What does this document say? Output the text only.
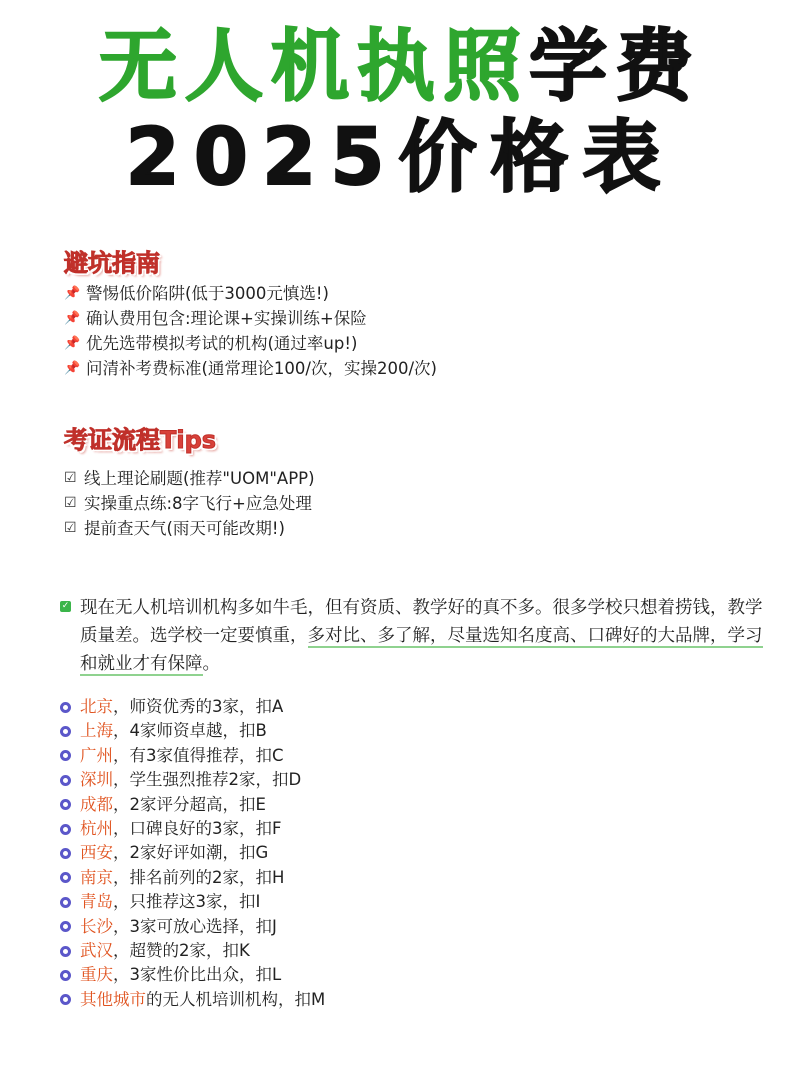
无人机执照学费
2025价格表
避坑指南
📌 警惕低价陷阱(低于3000元慎选!)
📌 确认费用包含:理论课+实操训练+保险
📌 优先选带模拟考试的机构(通过率up!)
📌 问清补考费标准(通常理论100/次，实操200/次)
考证流程Tips
☑ 线上理论刷题(推荐"UOM"APP)
☑ 实操重点练:8字飞行+应急处理
☑ 提前查天气(雨天可能改期!)
✓ 现在无人机培训机构多如牛毛，但有资质、教学好的真不多。很多学校只想着捞钱，教学质量差。选学校一定要慎重，多对比、多了解，尽量选知名度高、口碑好的大品牌，学习和就业才有保障。
北京 ，师资优秀的3家，扣A
上海 ，4家师资卓越，扣B
广州 ，有3家值得推荐，扣C
深圳 ，学生强烈推荐2家，扣D
成都 ，2家评分超高，扣E
杭州 ，口碑良好的3家，扣F
西安 ，2家好评如潮，扣G
南京 ，排名前列的2家，扣H
青岛 ，只推荐这3家，扣I
长沙 ，3家可放心选择，扣J
武汉 ，超赞的2家，扣K
重庆 ，3家性价比出众，扣L
其他城市 的无人机培训机构，扣M
